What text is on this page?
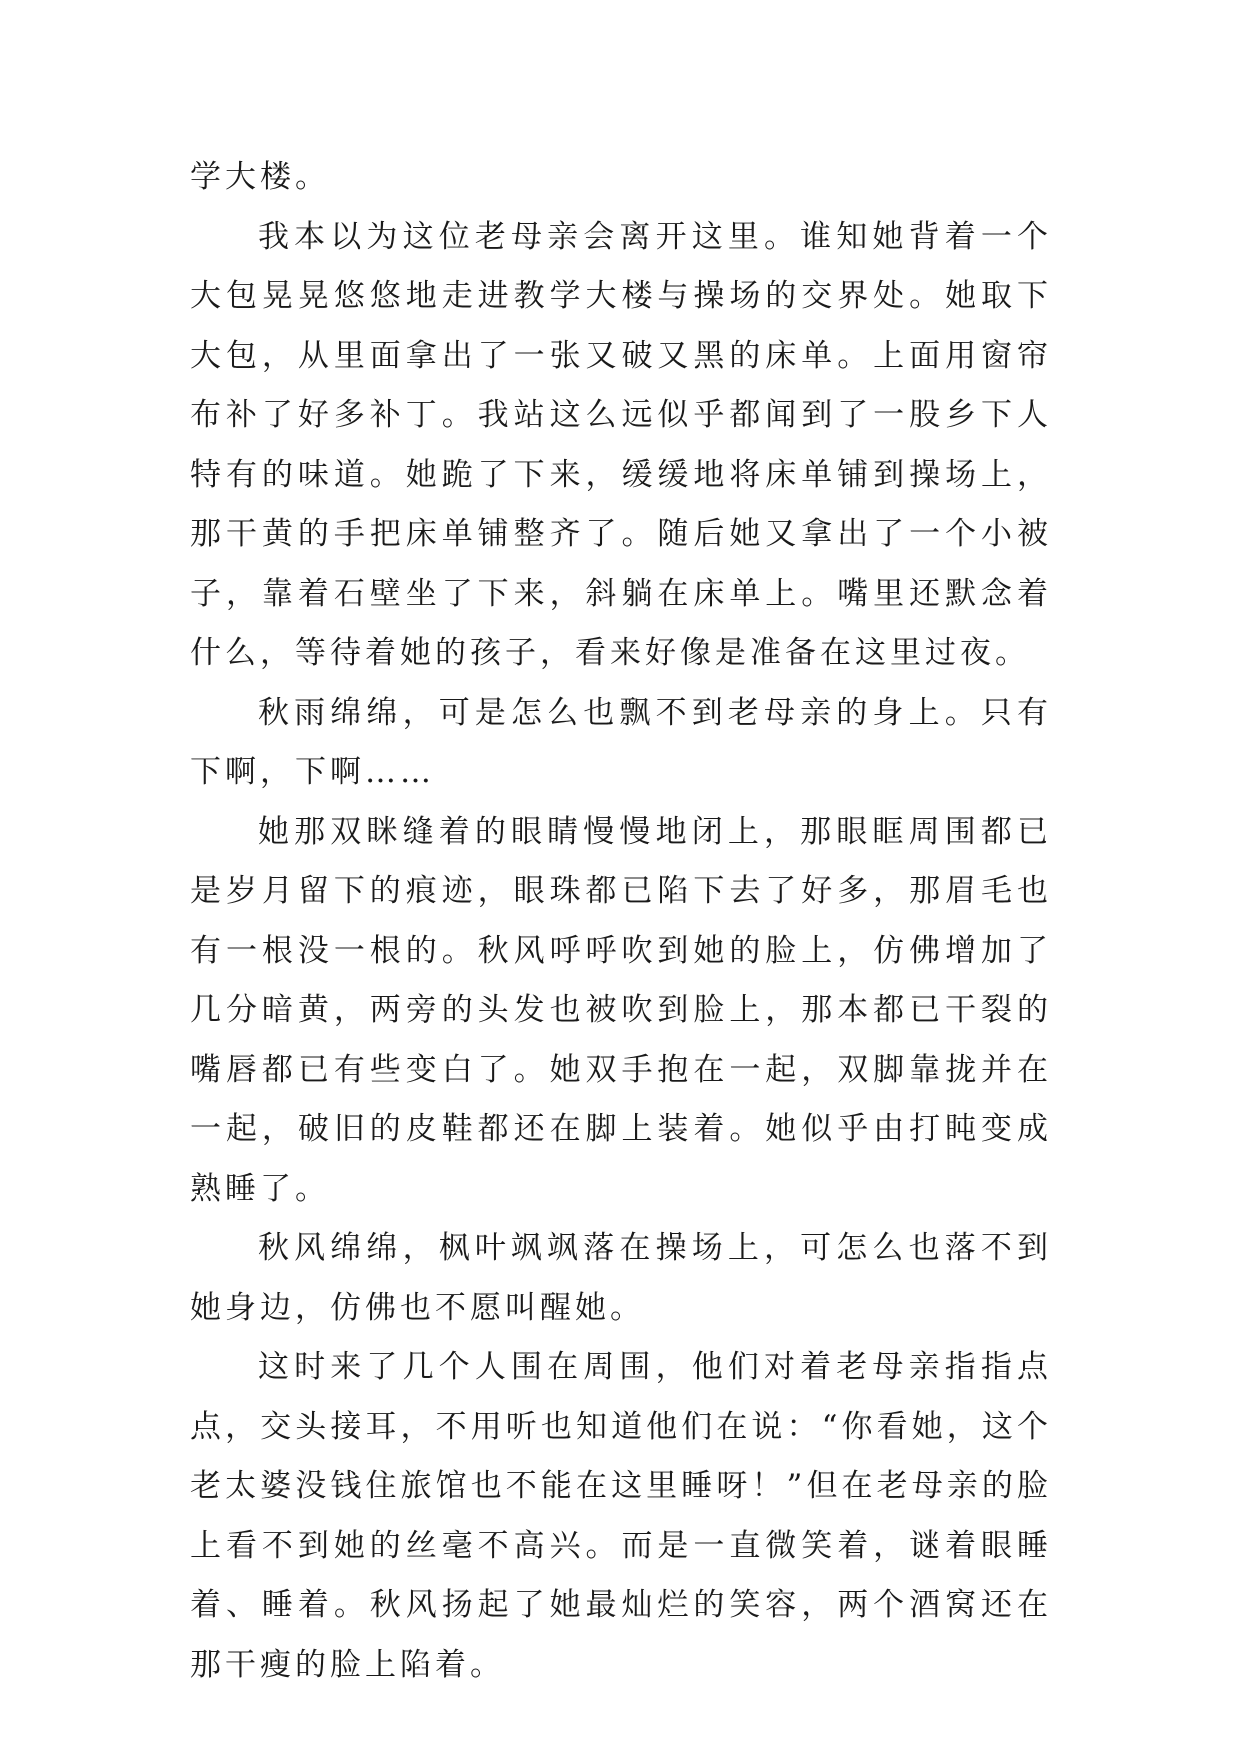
学大楼。

我本以为这位老母亲会离开这里。谁知她背着一个大包晃晃悠悠地走进教学大楼与操场的交界处。她取下大包，从里面拿出了一张又破又黑的床单。上面用窗帘布补了好多补丁。我站这么远似乎都闻到了一股乡下人特有的味道。她跪了下来，缓缓地将床单铺到操场上，那干黄的手把床单铺整齐了。随后她又拿出了一个小被子，靠着石壁坐了下来，斜躺在床单上。嘴里还默念着什么，等待着她的孩子，看来好像是准备在这里过夜。

秋雨绵绵，可是怎么也飘不到老母亲的身上。只有下啊，下啊……

她那双眯缝着的眼睛慢慢地闭上，那眼眶周围都已是岁月留下的痕迹，眼珠都已陷下去了好多，那眉毛也有一根没一根的。秋风呼呼吹到她的脸上，仿佛增加了几分暗黄，两旁的头发也被吹到脸上，那本都已干裂的嘴唇都已有些变白了。她双手抱在一起，双脚靠拢并在一起，破旧的皮鞋都还在脚上装着。她似乎由打盹变成熟睡了。

秋风绵绵，枫叶飒飒落在操场上，可怎么也落不到她身边，仿佛也不愿叫醒她。

这时来了几个人围在周围，他们对着老母亲指指点点，交头接耳，不用听也知道他们在说：“你看她，这个老太婆没钱住旅馆也不能在这里睡呀！”但在老母亲的脸上看不到她的丝毫不高兴。而是一直微笑着，谜着眼睡着、睡着。秋风扬起了她最灿烂的笑容，两个酒窝还在那干瘦的脸上陷着。
